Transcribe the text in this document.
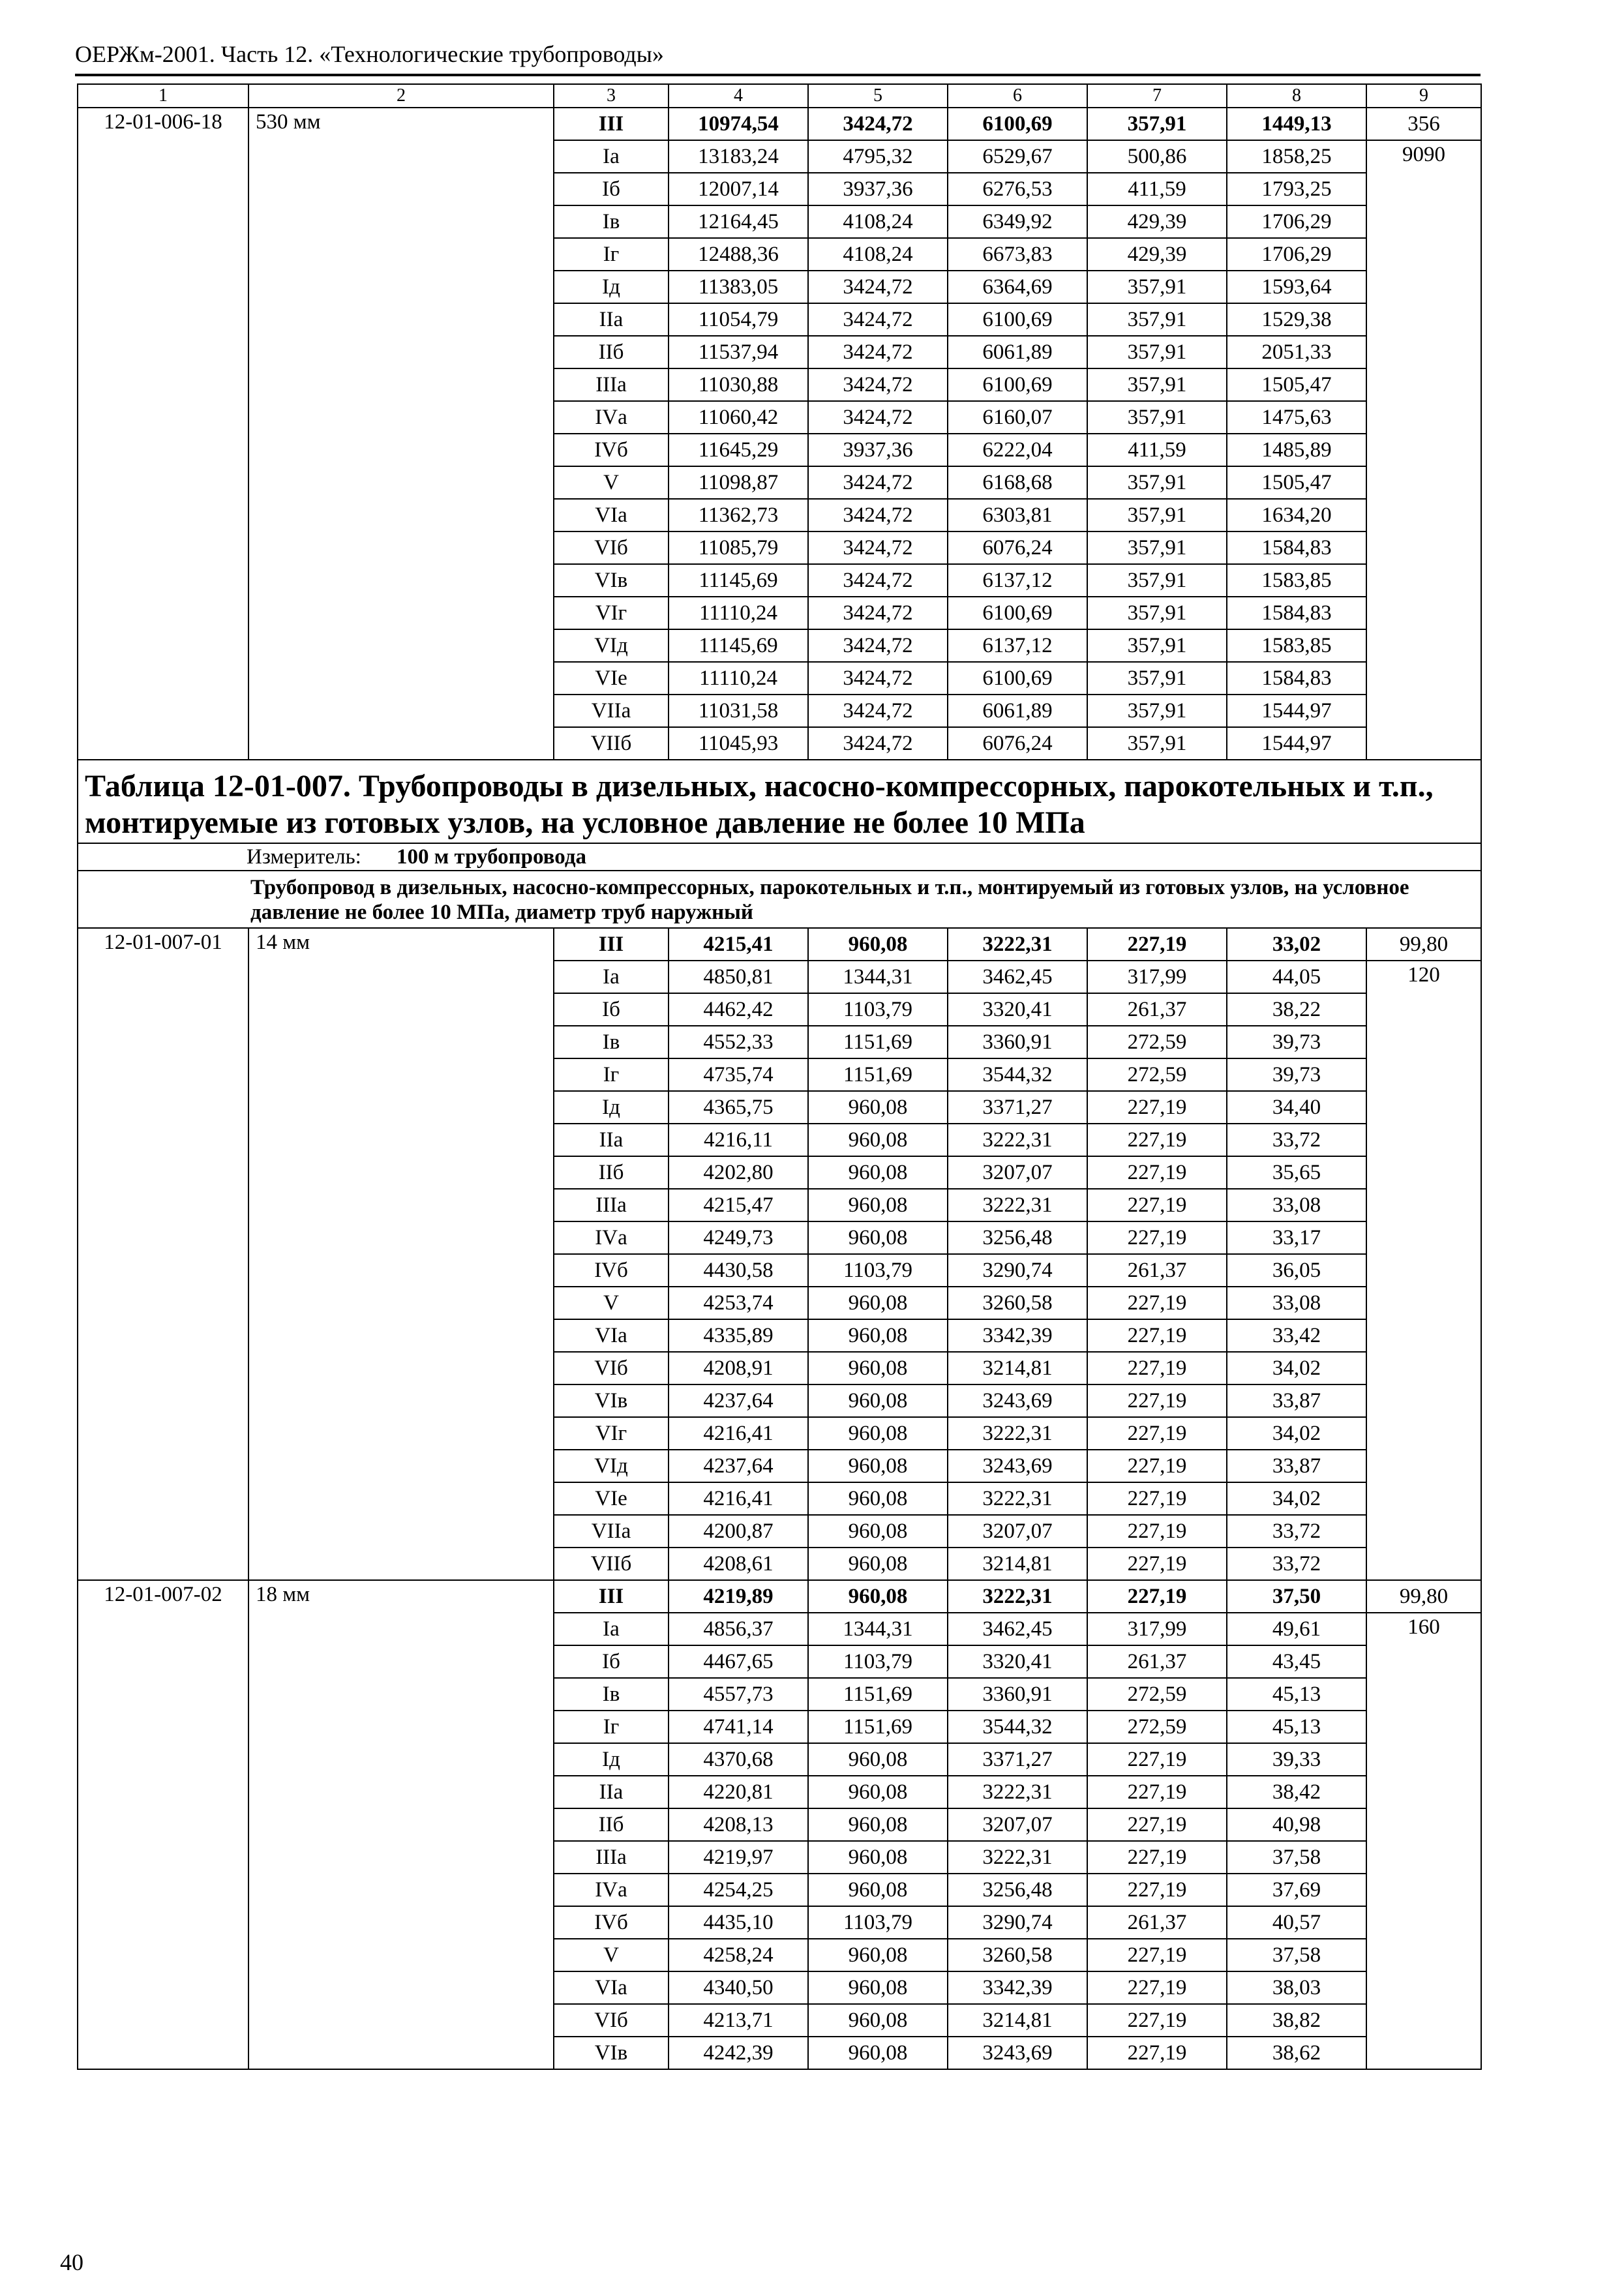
ОЕРЖм-2001. Часть 12. «Технологические трубопроводы»
1	2	3	4	5	6	7	8	9
12-01-006-18	530 мм	III	10974,54	3424,72	6100,69	357,91	1449,13	356
		Iа	13183,24	4795,32	6529,67	500,86	1858,25	9090
		Iб	12007,14	3937,36	6276,53	411,59	1793,25	
		Iв	12164,45	4108,24	6349,92	429,39	1706,29	
		Iг	12488,36	4108,24	6673,83	429,39	1706,29	
		Iд	11383,05	3424,72	6364,69	357,91	1593,64	
		IIа	11054,79	3424,72	6100,69	357,91	1529,38	
		IIб	11537,94	3424,72	6061,89	357,91	2051,33	
		IIIа	11030,88	3424,72	6100,69	357,91	1505,47	
		IVа	11060,42	3424,72	6160,07	357,91	1475,63	
		IVб	11645,29	3937,36	6222,04	411,59	1485,89	
		V	11098,87	3424,72	6168,68	357,91	1505,47	
		VIа	11362,73	3424,72	6303,81	357,91	1634,20	
		VIб	11085,79	3424,72	6076,24	357,91	1584,83	
		VIв	11145,69	3424,72	6137,12	357,91	1583,85	
		VIг	11110,24	3424,72	6100,69	357,91	1584,83	
		VIд	11145,69	3424,72	6137,12	357,91	1583,85	
		VIе	11110,24	3424,72	6100,69	357,91	1584,83	
		VIIа	11031,58	3424,72	6061,89	357,91	1544,97	
		VIIб	11045,93	3424,72	6076,24	357,91	1544,97	
Таблица 12-01-007. Трубопроводы в дизельных, насосно-компрессорных, парокотельных и т.п., монтируемые из готовых узлов, на условное давление не более 10 МПа								
Измеритель: 100 м трубопровода								
Трубопровод в дизельных, насосно-компрессорных, парокотельных и т.п., монтируемый из готовых узлов, на условное давление не более 10 МПа, диаметр труб наружный								
12-01-007-01	14 мм	III	4215,41	960,08	3222,31	227,19	33,02	99,80
		Iа	4850,81	1344,31	3462,45	317,99	44,05	120
		Iб	4462,42	1103,79	3320,41	261,37	38,22	
		Iв	4552,33	1151,69	3360,91	272,59	39,73	
		Iг	4735,74	1151,69	3544,32	272,59	39,73	
		Iд	4365,75	960,08	3371,27	227,19	34,40	
		IIа	4216,11	960,08	3222,31	227,19	33,72	
		IIб	4202,80	960,08	3207,07	227,19	35,65	
		IIIа	4215,47	960,08	3222,31	227,19	33,08	
		IVа	4249,73	960,08	3256,48	227,19	33,17	
		IVб	4430,58	1103,79	3290,74	261,37	36,05	
		V	4253,74	960,08	3260,58	227,19	33,08	
		VIа	4335,89	960,08	3342,39	227,19	33,42	
		VIб	4208,91	960,08	3214,81	227,19	34,02	
		VIв	4237,64	960,08	3243,69	227,19	33,87	
		VIг	4216,41	960,08	3222,31	227,19	34,02	
		VIд	4237,64	960,08	3243,69	227,19	33,87	
		VIе	4216,41	960,08	3222,31	227,19	34,02	
		VIIа	4200,87	960,08	3207,07	227,19	33,72	
		VIIб	4208,61	960,08	3214,81	227,19	33,72	
12-01-007-02	18 мм	III	4219,89	960,08	3222,31	227,19	37,50	99,80
		Iа	4856,37	1344,31	3462,45	317,99	49,61	160
		Iб	4467,65	1103,79	3320,41	261,37	43,45	
		Iв	4557,73	1151,69	3360,91	272,59	45,13	
		Iг	4741,14	1151,69	3544,32	272,59	45,13	
		Iд	4370,68	960,08	3371,27	227,19	39,33	
		IIа	4220,81	960,08	3222,31	227,19	38,42	
		IIб	4208,13	960,08	3207,07	227,19	40,98	
		IIIа	4219,97	960,08	3222,31	227,19	37,58	
		IVа	4254,25	960,08	3256,48	227,19	37,69	
		IVб	4435,10	1103,79	3290,74	261,37	40,57	
		V	4258,24	960,08	3260,58	227,19	37,58	
		VIа	4340,50	960,08	3342,39	227,19	38,03	
		VIб	4213,71	960,08	3214,81	227,19	38,82	
		VIв	4242,39	960,08	3243,69	227,19	38,62	
40
